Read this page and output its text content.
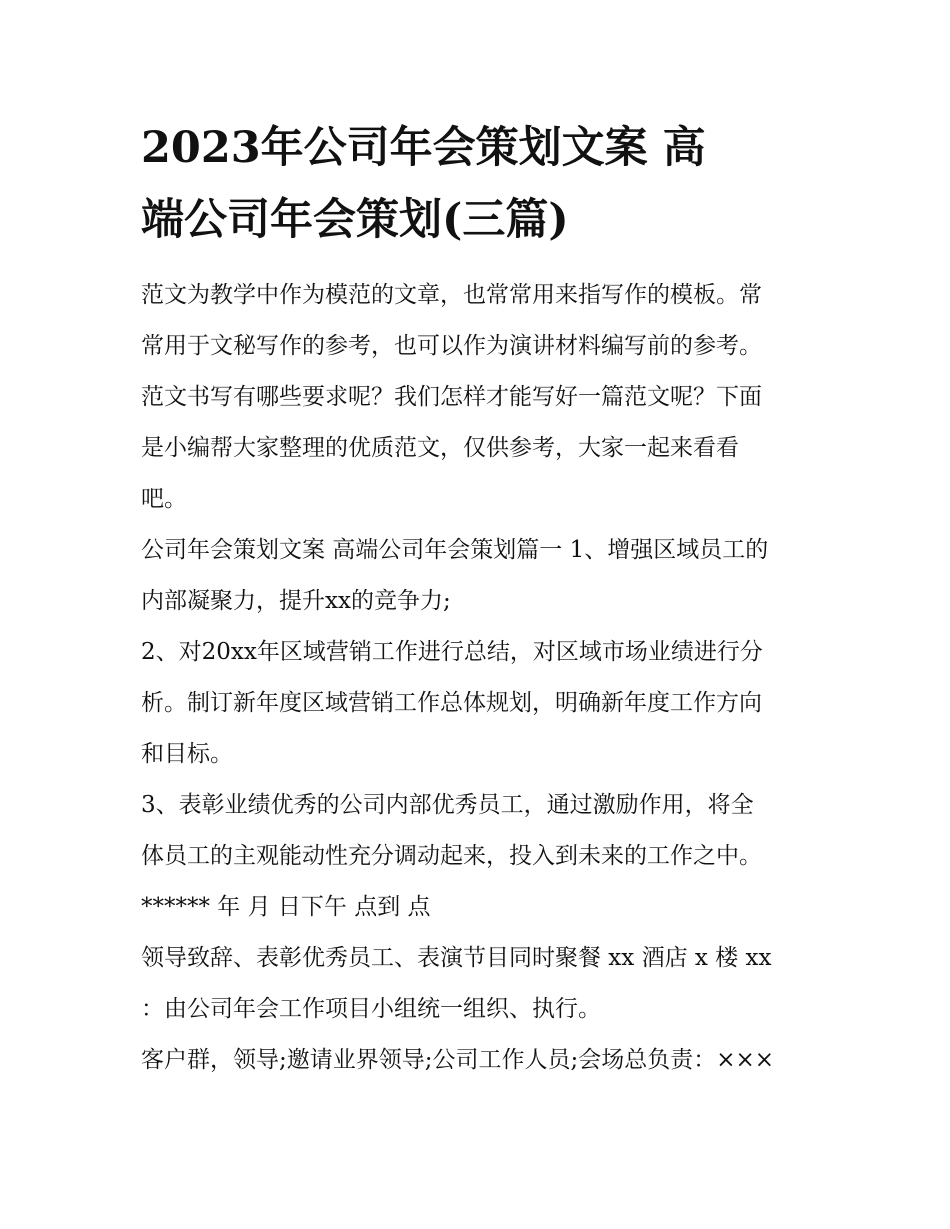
2023年公司年会策划文案 高
端公司年会策划(三篇)
范文为教学中作为模范的文章，也常常用来指写作的模板。常
常用于文秘写作的参考，也可以作为演讲材料编写前的参考。
范文书写有哪些要求呢？我们怎样才能写好一篇范文呢？下面
是小编帮大家整理的优质范文，仅供参考，大家一起来看看
吧。
公司年会策划文案 高端公司年会策划篇一 1、增强区域员工的
内部凝聚力，提升xx的竞争力;
2、对20xx年区域营销工作进行总结，对区域市场业绩进行分
析。制订新年度区域营销工作总体规划，明确新年度工作方向
和目标。
3、表彰业绩优秀的公司内部优秀员工，通过激励作用，将全
体员工的主观能动性充分调动起来，投入到未来的工作之中。
****** 年 月 日下午 点到 点
领导致辞、表彰优秀员工、表演节目同时聚餐 xx 酒店 x 楼 xx
：由公司年会工作项目小组统一组织、执行。
客户群，领导;邀请业界领导;公司工作人员;会场总负责：×××
